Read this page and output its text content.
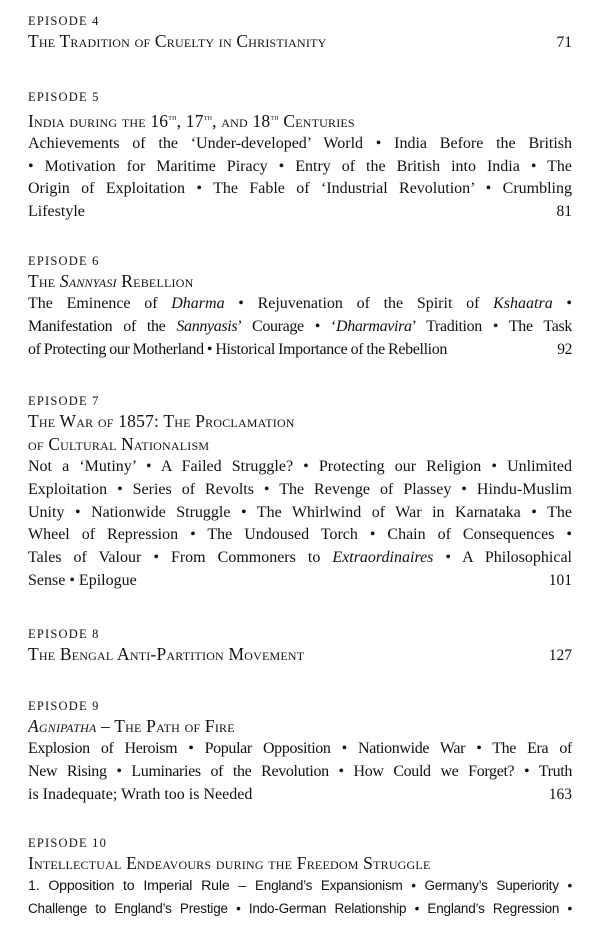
EPISODE 4
The Tradition of Cruelty in Christianity	71
EPISODE 5
India during the 16th, 17th, and 18th Centuries
Achievements of the ‘Under-developed’ World • India Before the British
• Motivation for Maritime Piracy • Entry of the British into India • The
Origin of Exploitation • The Fable of ‘Industrial Revolution’ • Crumbling
Lifestyle	81
EPISODE 6
The Sannyasi Rebellion
The Eminence of Dharma • Rejuvenation of the Spirit of Kshaatra •
Manifestation of the Sannyasis’ Courage • ‘Dharmavira’ Tradition • The Task
of Protecting our Motherland • Historical Importance of the Rebellion	92
EPISODE 7
The War of 1857: The Proclamation
of Cultural Nationalism
Not a ‘Mutiny’ • A Failed Struggle? • Protecting our Religion • Unlimited
Exploitation • Series of Revolts • The Revenge of Plassey • Hindu-Muslim
Unity • Nationwide Struggle • The Whirlwind of War in Karnataka • The
Wheel of Repression • The Undoused Torch • Chain of Consequences •
Tales of Valour • From Commoners to Extraordinaires • A Philosophical
Sense • Epilogue	101
EPISODE 8
The Bengal Anti-Partition Movement	127
EPISODE 9
Agnipatha – The Path of Fire
Explosion of Heroism • Popular Opposition • Nationwide War • The Era of
New Rising • Luminaries of the Revolution • How Could we Forget? • Truth
is Inadequate; Wrath too is Needed	163
EPISODE 10
Intellectual Endeavours during the Freedom Struggle
1. Opposition to Imperial Rule – England’s Expansionism • Germany’s Superiority •
Challenge to England’s Prestige • Indo-German Relationship • England’s Regression •
